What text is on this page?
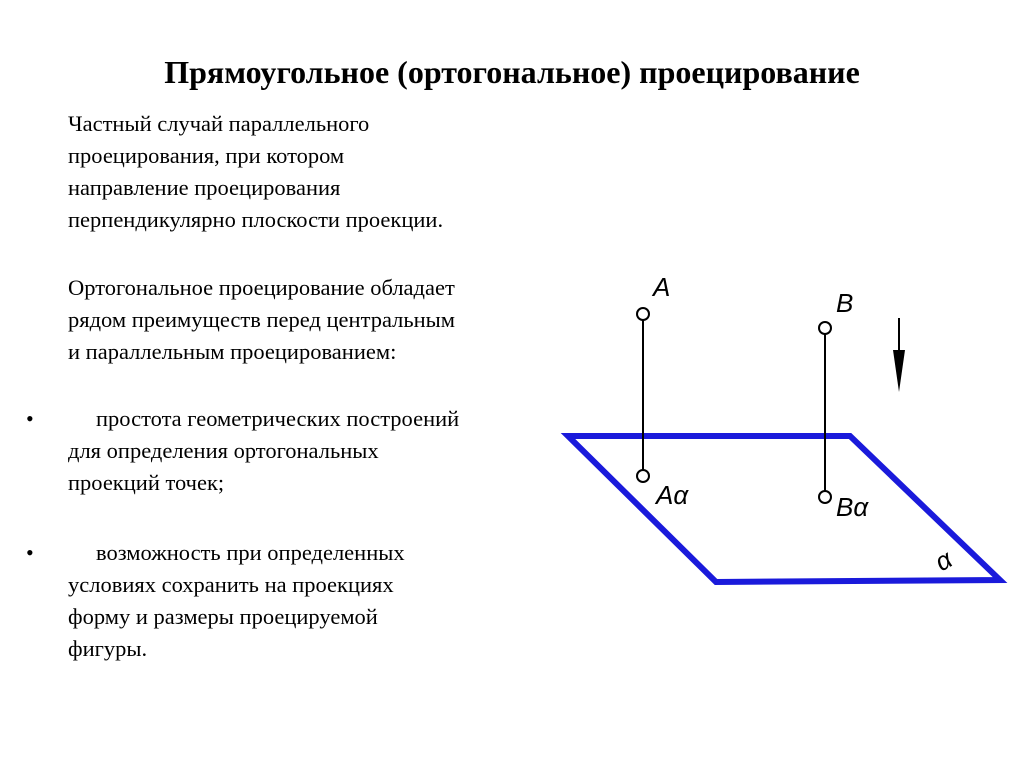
Прямоугольное (ортогональное) проецирование

Частный случай параллельного
проецирования, при котором
направление проецирования
перпендикулярно плоскости проекции.

Ортогональное проецирование обладает
рядом преимуществ перед центральным
и параллельным проецированием:

•	простота геометрических построений
для определения ортогональных
проекций точек;
•	возможность при определенных
условиях сохранить на проекциях
форму и размеры проецируемой
фигуры.
A
B
Aα	Bα
α
